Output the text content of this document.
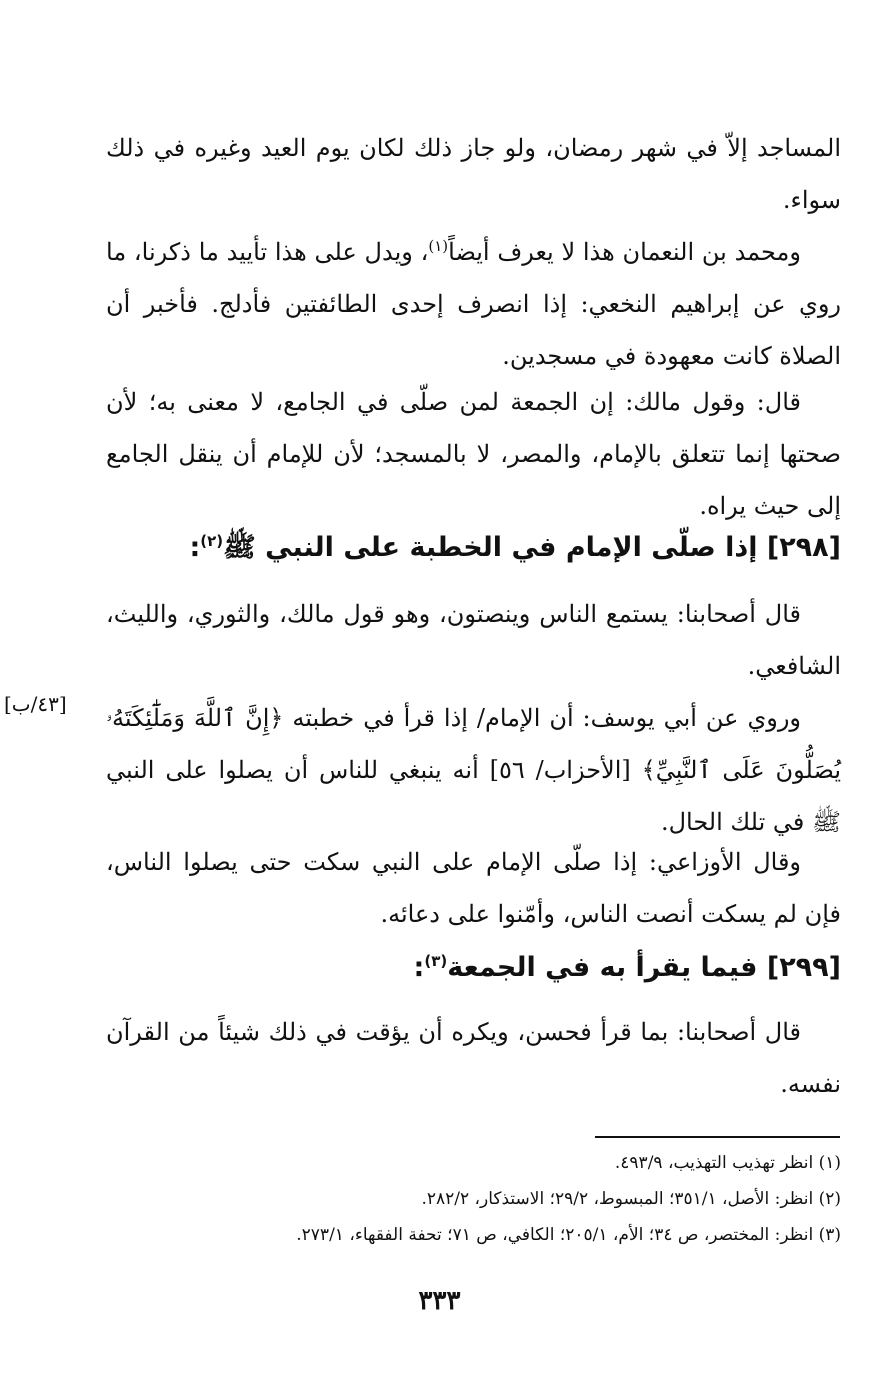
المساجد إلاّ في شهر رمضان، ولو جاز ذلك لكان يوم العيد وغيره في ذلك سواء.

ومحمد بن النعمان هذا لا يعرف أيضاً$^{(١)}$، ويدل على هذا تأييد ما ذكرنا، ما روي عن إبراهيم النخعي: إذا انصرف إحدى الطائفتين فأدلج. فأخبر أن الصلاة كانت معهودة في مسجدين.

قال: وقول مالك: إن الجمعة لمن صلّى في الجامع، لا معنى به؛ لأن صحتها إنما تتعلق بالإمام، والمصر، لا بالمسجد؛ لأن للإمام أن ينقل الجامع إلى حيث يراه.

[٢٩٨] إذا صلّى الإمام في الخطبة على النبي ﷺ$^{(٢)}$:

قال أصحابنا: يستمع الناس وينصتون، وهو قول مالك، والثوري، والليث، الشافعي.

[٤٣/ب] وروي عن أبي يوسف: أن الإمام/ إذا قرأ في خطبته ﴿إِنَّ ٱللَّهَ وَمَلَٰٓئِكَتَهُۥ يُصَلُّونَ عَلَى ٱلنَّبِيِّ﴾ [الأحزاب/ ٥٦] أنه ينبغي للناس أن يصلوا على النبي ﷺ في تلك الحال.

وقال الأوزاعي: إذا صلّى الإمام على النبي سكت حتى يصلوا الناس، فإن لم يسكت أنصت الناس، وأمّنوا على دعائه.

[٢٩٩] فيما يقرأ به في الجمعة$^{(٣)}$:

قال أصحابنا: بما قرأ فحسن، ويكره أن يؤقت في ذلك شيئاً من القرآن نفسه.

(١) انظر تهذيب التهذيب، ٤٩٣/٩.
(٢) انظر: الأصل، ٣٥١/١؛ المبسوط، ٢٩/٢؛ الاستذكار، ٢٨٢/٢.
(٣) انظر: المختصر، ص ٣٤؛ الأم، ٢٠٥/١؛ الكافي، ص ٧١؛ تحفة الفقهاء، ٢٧٣/١.
٣٣٣
